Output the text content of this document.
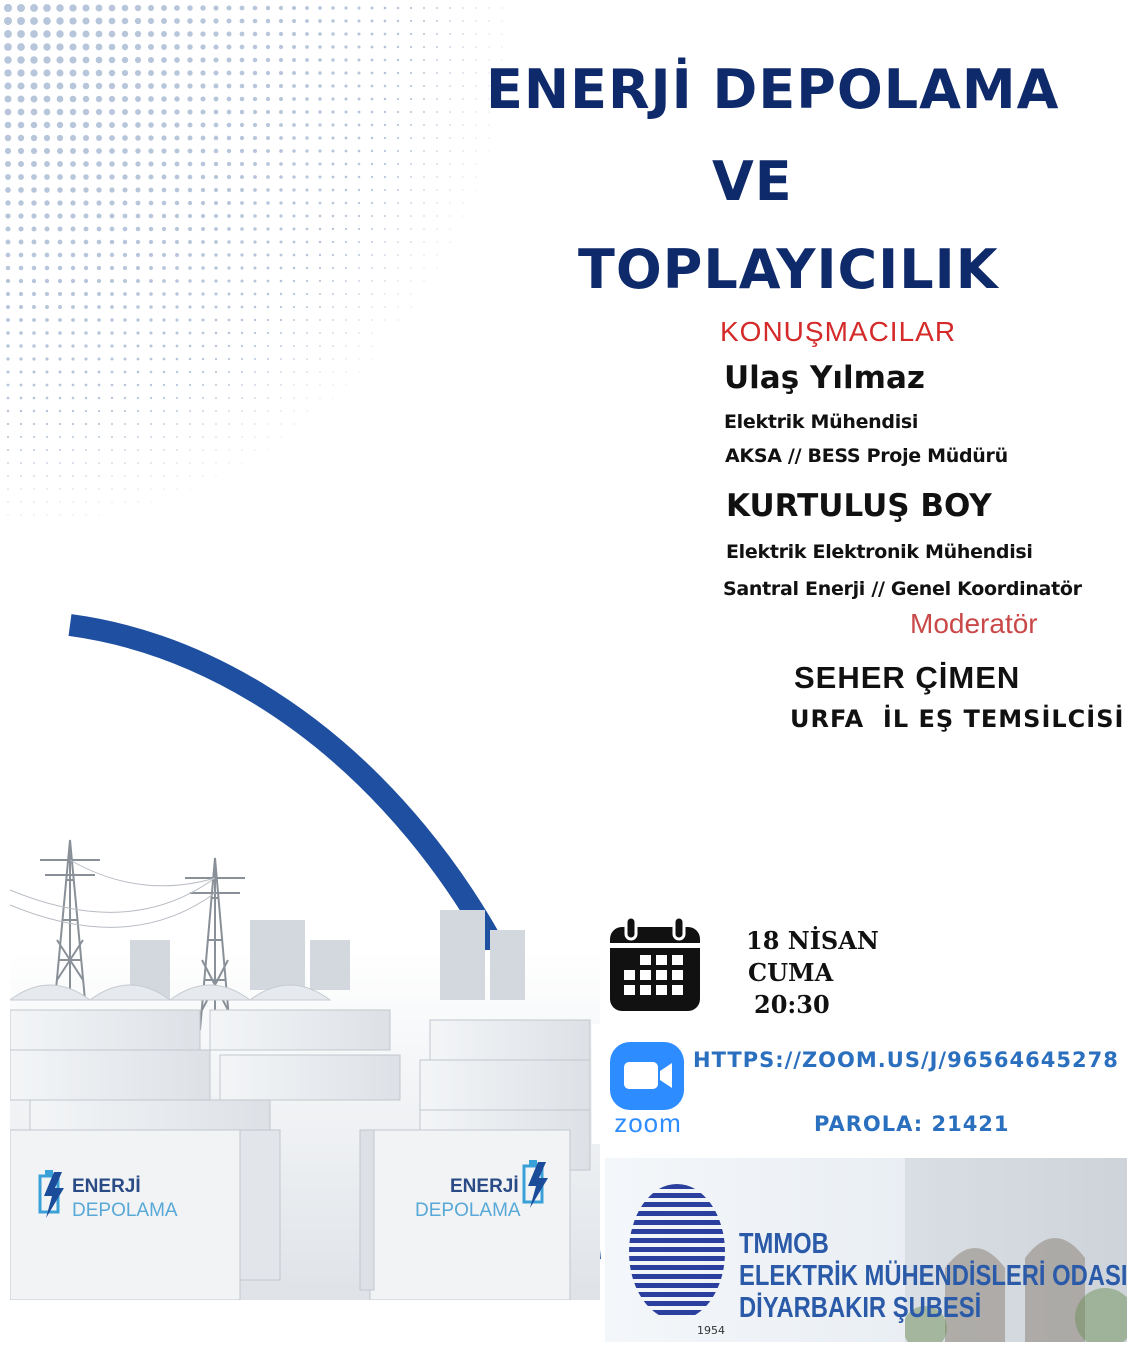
ENERJİ DEPOLAMA
VE
TOPLAYICILIK
KONUŞMACILAR
Ulaş Yılmaz
Elektrik Mühendisi
AKSA // BESS Proje Müdürü
KURTULUŞ BOY
Elektrik Elektronik Mühendisi
Santral Enerji // Genel Koordinatör
Moderatör
SEHER ÇİMEN
URFA  İL EŞ TEMSİLCİSİ
ENERJİ
DEPOLAMA
ENERJİ
DEPOLAMA
18 NİSAN
CUMA
20:30
zoom
HTTPS://ZOOM.US/J/96564645278
PAROLA: 21421
TMMOB
ELEKTRİK MÜHENDİSLERİ ODASI
DİYARBAKIR ŞUBESİ
1954
